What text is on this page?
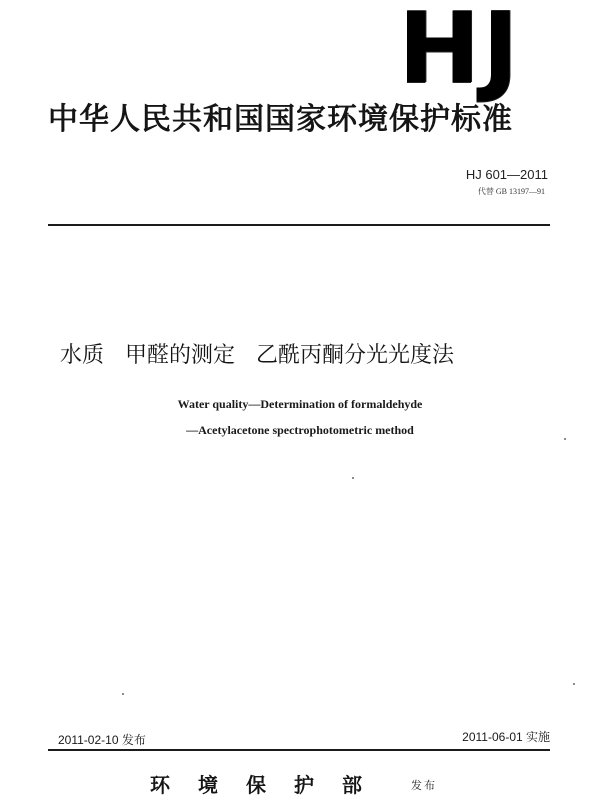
HJ
中华人民共和国国家环境保护标准
HJ 601—2011
代替 GB 13197—91
水质   甲醛的测定   乙酰丙酮分光光度法
Water quality—Determination of formaldehyde
—Acetylacetone spectrophotometric method
2011-02-10 发布	2011-06-01 实施
环境保护部	发布
